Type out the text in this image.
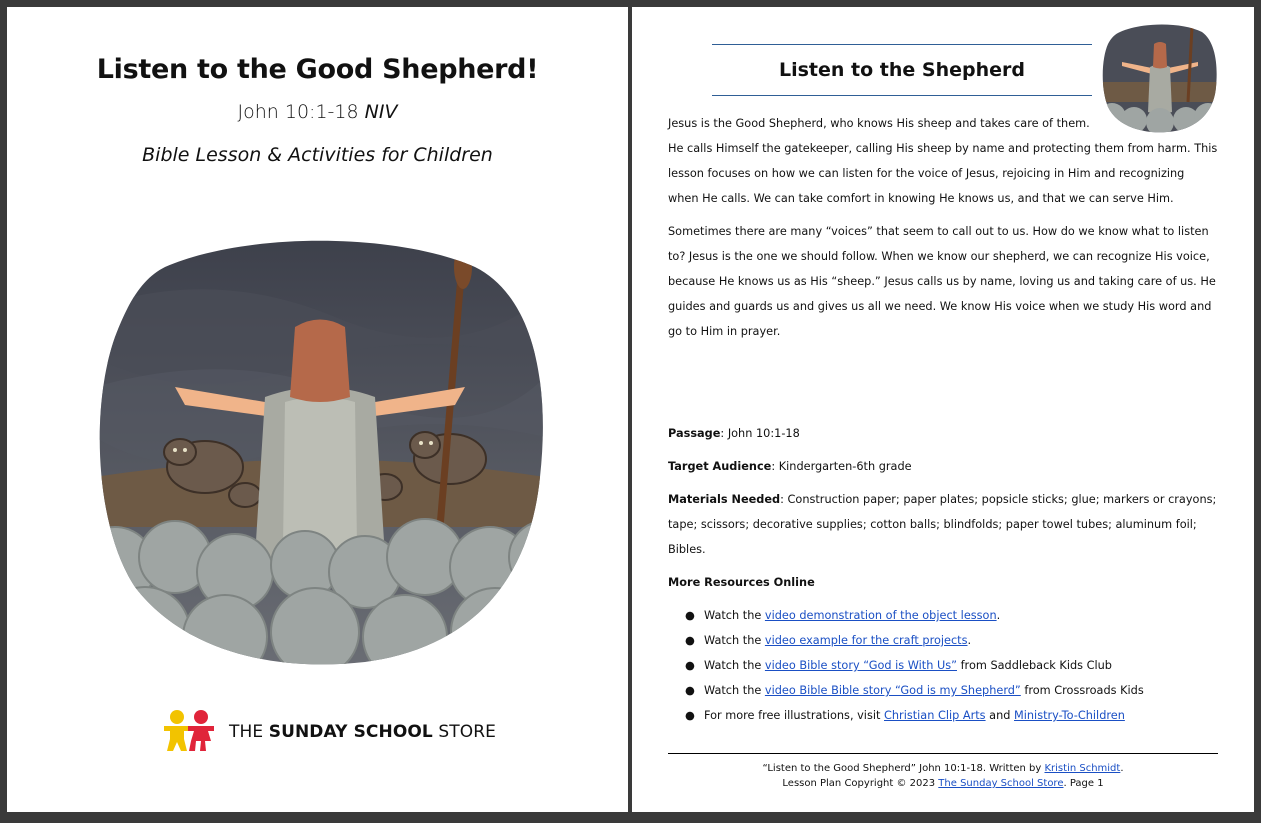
Listen to the Good Shepherd!
John 10:1-18 NIV
Bible Lesson & Activities for Children
THE SUNDAY SCHOOL STORE
Listen to the Shepherd
Jesus is the Good Shepherd, who knows His sheep and takes care of them.
He calls Himself the gatekeeper, calling His sheep by name and protecting them from harm. This lesson focuses on how we can listen for the voice of Jesus, rejoicing in Him and recognizing when He calls. We can take comfort in knowing He knows us, and that we can serve Him.
Sometimes there are many “voices” that seem to call out to us. How do we know what to listen to? Jesus is the one we should follow. When we know our shepherd, we can recognize His voice, because He knows us as His “sheep.” Jesus calls us by name, loving us and taking care of us. He guides and guards us and gives us all we need. We know His voice when we study His word and go to Him in prayer.
Passage: John 10:1-18
Target Audience: Kindergarten-6th grade
Materials Needed: Construction paper; paper plates; popsicle sticks; glue; markers or crayons; tape; scissors; decorative supplies; cotton balls; blindfolds; paper towel tubes; aluminum foil; Bibles.
More Resources Online
● Watch the video demonstration of the object lesson.
● Watch the video example for the craft projects.
● Watch the video Bible story “God is With Us” from Saddleback Kids Club
● Watch the video Bible Bible story “God is my Shepherd” from Crossroads Kids
● For more free illustrations, visit Christian Clip Arts and Ministry-To-Children
“Listen to the Good Shepherd” John 10:1-18. Written by Kristin Schmidt.
Lesson Plan Copyright © 2023 The Sunday School Store. Page 1
